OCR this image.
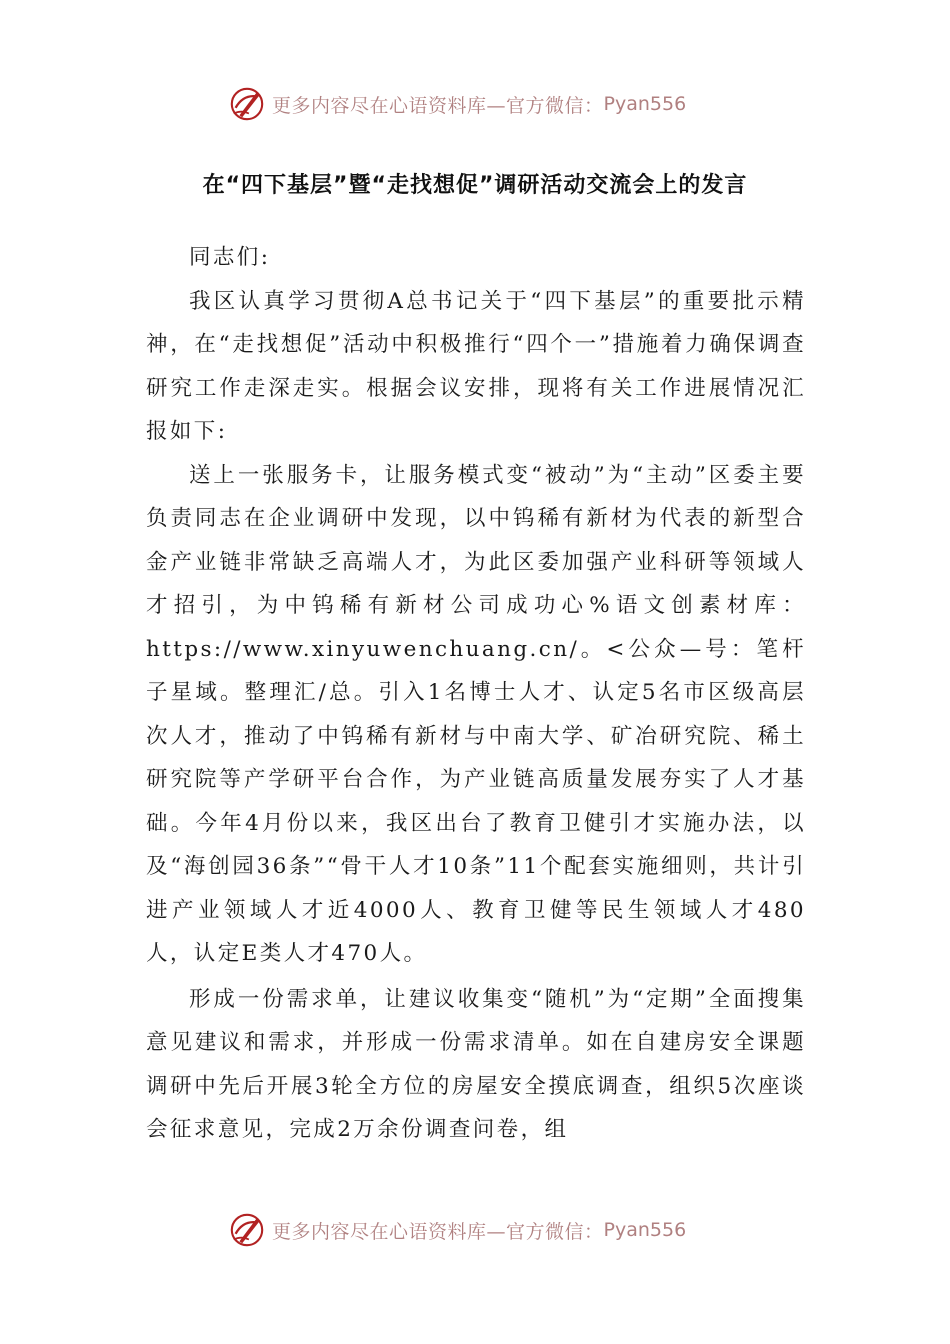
更多内容尽在心语资料库—官方微信： Pyan556
在“四下基层”暨“走找想促”调研活动交流会上的发言

同志们:

我区认真学习贯彻A总书记关于“四下基层”的重要批示精神，在“走找想促”活动中积极推行“四个一”措施着力确保调查研究工作走深走实。根据会议安排，现将有关工作进展情况汇报如下:

送上一张服务卡，让服务模式变“被动”为“主动”区委主要负责同志在企业调研中发现，以中钨稀有新材为代表的新型合金产业链非常缺乏高端人才，为此区委加强产业科研等领域人才招引，为中钨稀有新材公司成功心%语文创素材库：https://www.xinyuwenchuang.cn/。<公众—号：笔杆子星域。整理汇/总。引入1名博士人才、认定5名市区级高层次人才，推动了中钨稀有新材与中南大学、矿冶研究院、稀土研究院等产学研平台合作，为产业链高质量发展夯实了人才基础。今年4月份以来，我区出台了教育卫健引才实施办法，以及“海创园36条”“骨干人才10条”11个配套实施细则，共计引进产业领域人才近4000人、教育卫健等民生领域人才480人，认定E类人才470人。

形成一份需求单，让建议收集变“随机”为“定期”全面搜集意见建议和需求，并形成一份需求清单。如在自建房安全课题调研中先后开展3轮全方位的房屋安全摸底调查，组织5次座谈会征求意见，完成2万余份调查问卷，组

更多内容尽在心语资料库—官方微信： Pyan556
